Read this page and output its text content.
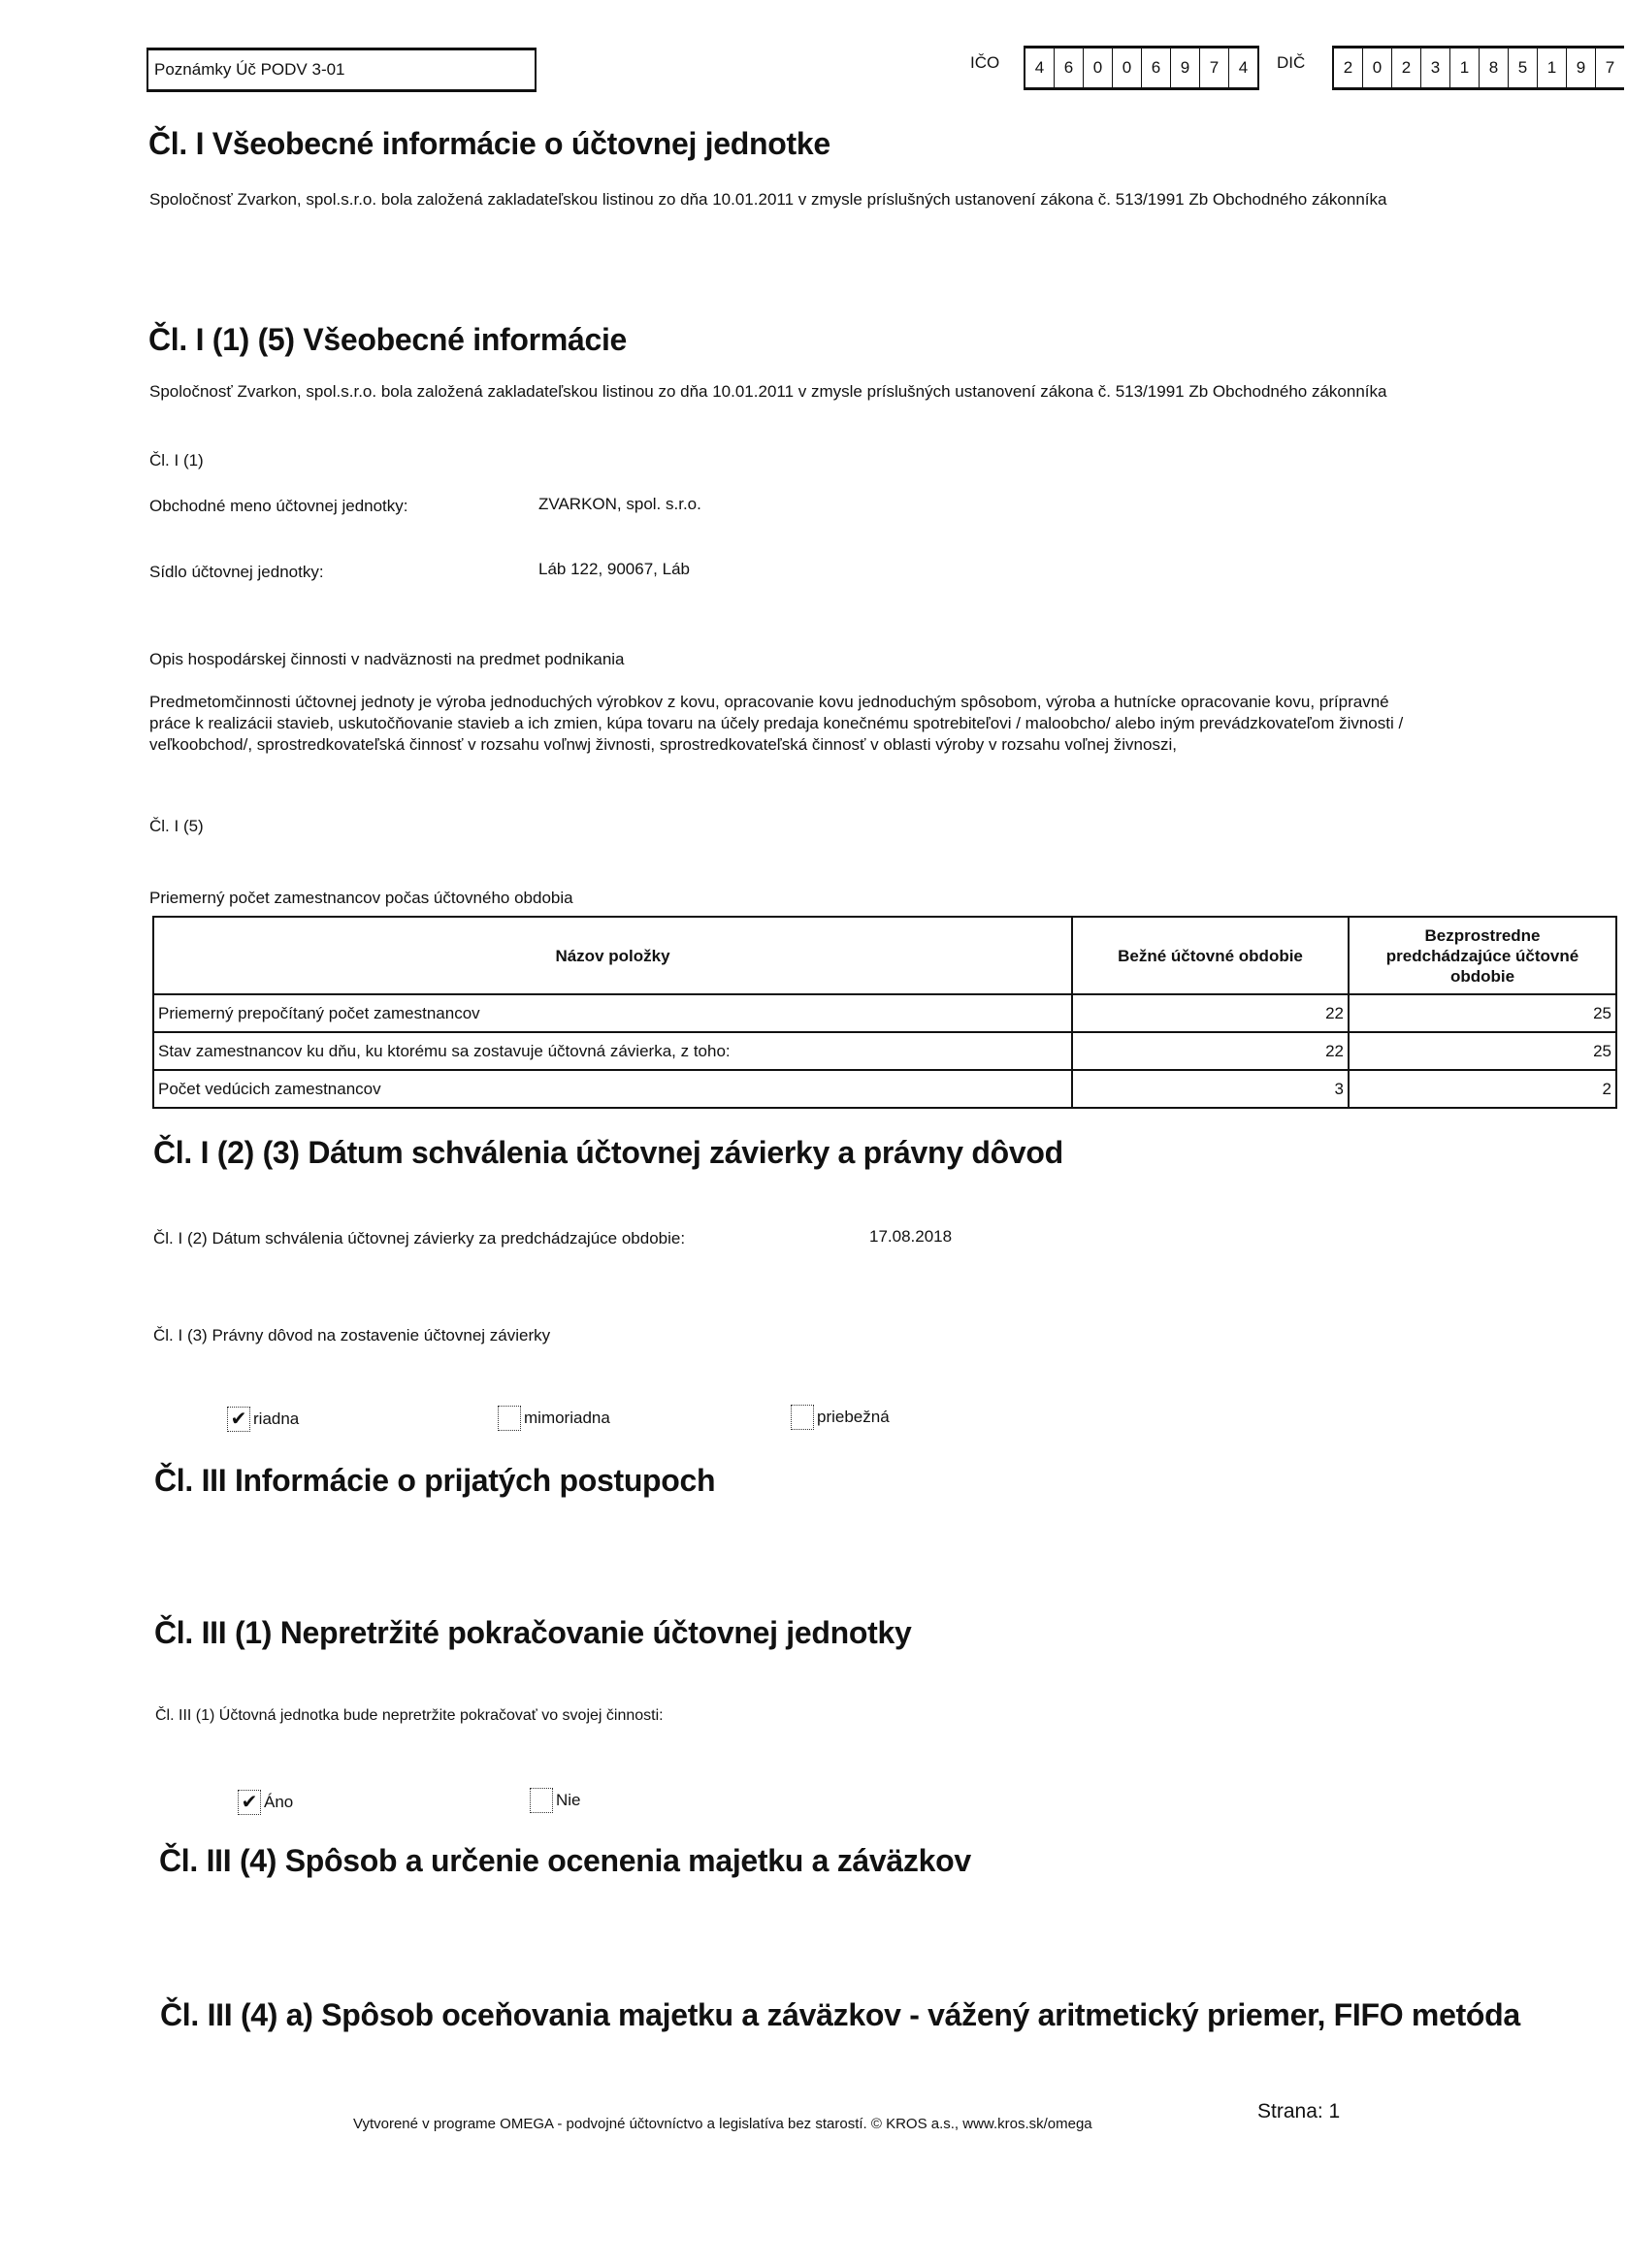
Poznámky Úč PODV 3-01	IČO	4	6	0	0	6	9	7	4	DIČ	2	0	2	3	1	8	5	1	9	7
Čl. I Všeobecné informácie o účtovnej jednotke
Spoločnosť Zvarkon, spol.s.r.o. bola založená zakladateľskou listinou zo dňa 10.01.2011 v zmysle príslušných ustanovení zákona č. 513/1991 Zb Obchodného zákonníka
Čl. I (1) (5) Všeobecné informácie
Spoločnosť Zvarkon, spol.s.r.o. bola založená zakladateľskou listinou zo dňa 10.01.2011 v zmysle príslušných ustanovení zákona č. 513/1991 Zb Obchodného zákonníka
Čl. I (1)
Obchodné meno účtovnej jednotky:	ZVARKON, spol. s.r.o.
Sídlo účtovnej jednotky:	Láb 122, 90067, Láb
Opis hospodárskej činnosti v nadväznosti na predmet podnikania
Predmetomčinnosti účtovnej jednoty je výroba jednoduchých výrobkov z kovu, opracovanie kovu jednoduchým spôsobom, výroba a hutnícke opracovanie kovu, prípravné
práce k realizácii stavieb, uskutočňovanie stavieb a ich zmien, kúpa tovaru na účely predaja konečnému spotrebiteľovi / maloobcho/ alebo iným prevádzkovateľom živnosti /
veľkoobchod/, sprostredkovateľská činnosť v rozsahu voľnwj živnosti, sprostredkovateľská činnosť v oblasti výroby v rozsahu voľnej živnoszi,
Čl. I (5)
Priemerný počet zamestnancov počas účtovného obdobia
Názov položky	Bežné účtovné obdobie	Bezprostredne predchádzajúce účtovné obdobie
Priemerný prepočítaný počet zamestnancov	22	25
Stav zamestnancov ku dňu, ku ktorému sa zostavuje účtovná závierka, z toho:	22	25
Počet vedúcich zamestnancov	3	2
Čl. I (2) (3) Dátum schválenia účtovnej závierky a právny dôvod
Čl. I (2) Dátum schválenia účtovnej závierky za predchádzajúce obdobie:	17.08.2018
Čl. I (3) Právny dôvod na zostavenie účtovnej závierky
✔ riadna	mimoriadna	priebežná
Čl. III Informácie o prijatých postupoch
Čl. III (1) Nepretržité pokračovanie účtovnej jednotky
Čl. III (1) Účtovná jednotka bude nepretržite pokračovať vo svojej činnosti:
✔ Áno	Nie
Čl. III (4) Spôsob a určenie ocenenia majetku a záväzkov
Čl. III (4) a) Spôsob oceňovania majetku a záväzkov - vážený aritmetický priemer, FIFO metóda
Vytvorené v programe OMEGA - podvojné účtovníctvo a legislatíva bez starostí. © KROS a.s., www.kros.sk/omega
Strana: 1
